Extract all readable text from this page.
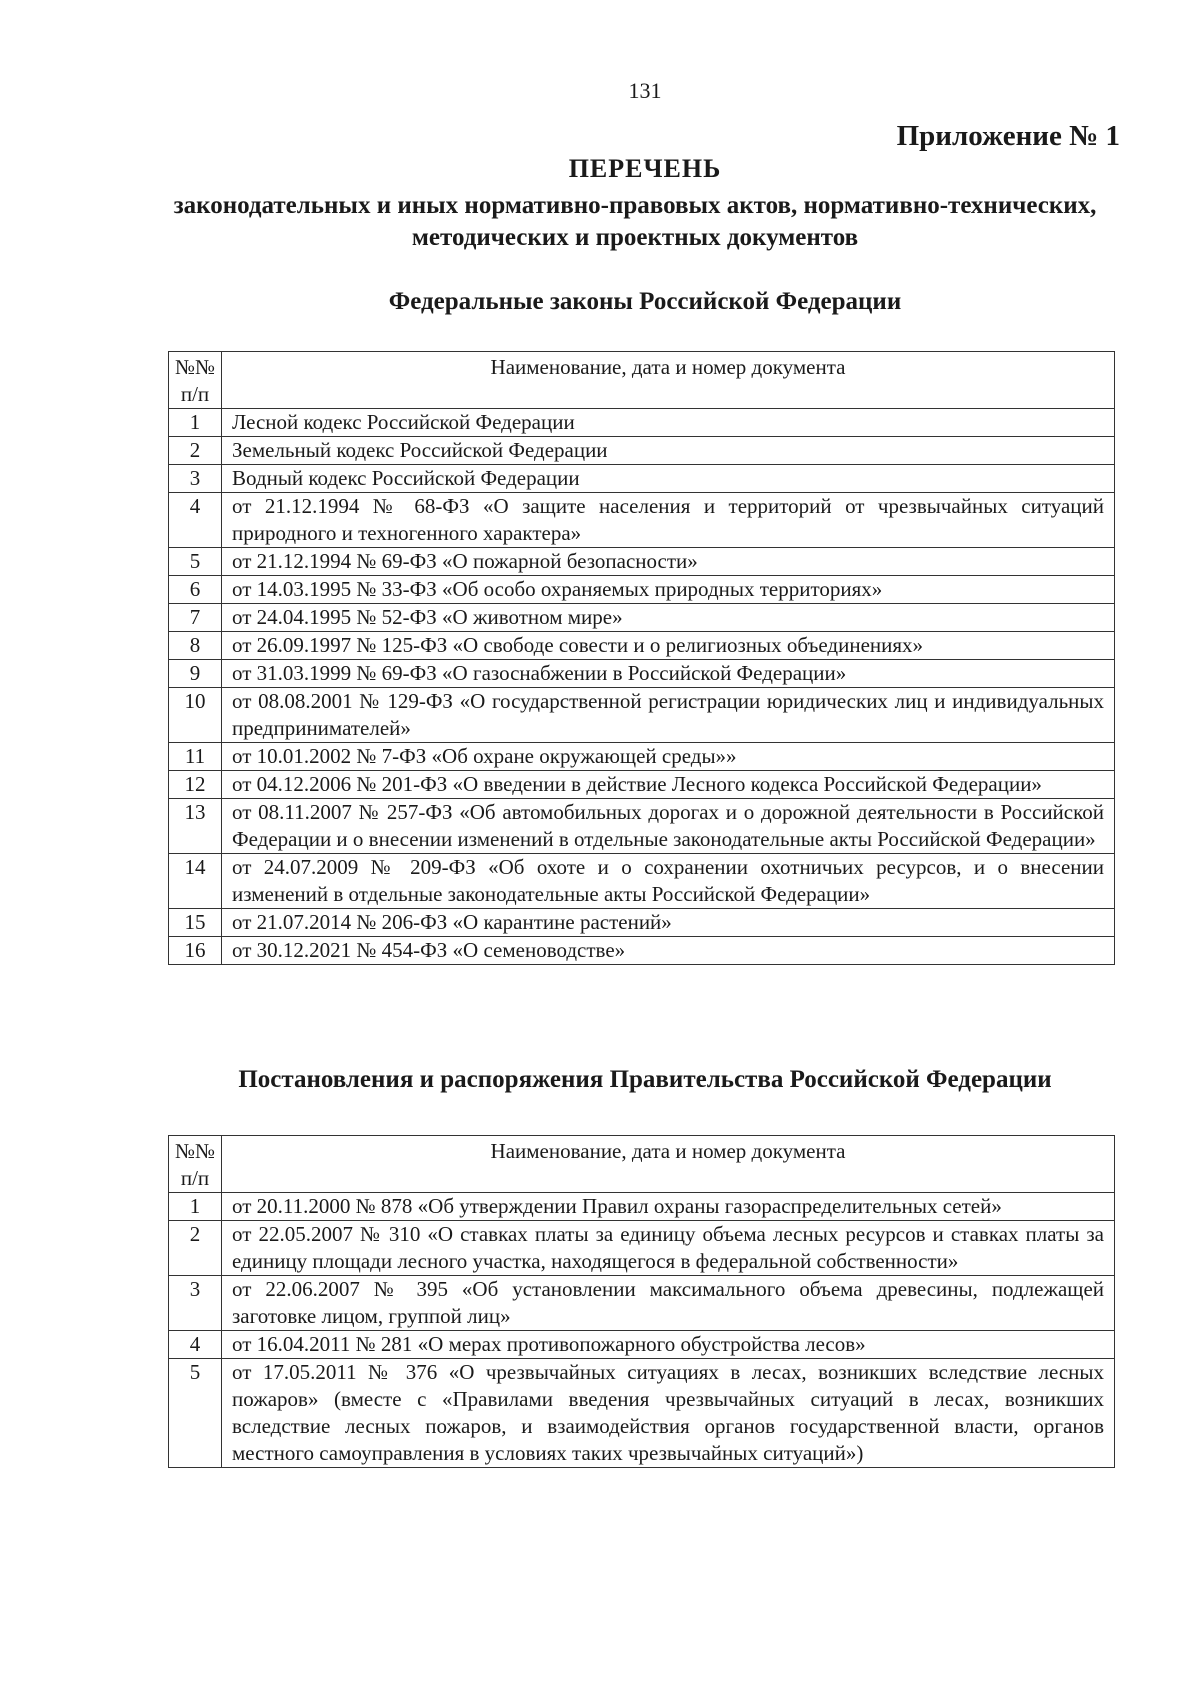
131
Приложение № 1
ПЕРЕЧЕНЬ
законодательных и иных нормативно-правовых актов, нормативно-технических, методических и проектных документов
Федеральные законы Российской Федерации
№№ п/п	Наименование, дата и номер документа
1	Лесной кодекс Российской Федерации
2	Земельный кодекс Российской Федерации
3	Водный кодекс Российской Федерации
4	от 21.12.1994 № 68-ФЗ «О защите населения и территорий от чрезвычайных ситуаций природного и техногенного характера»
5	от 21.12.1994 № 69-ФЗ «О пожарной безопасности»
6	от 14.03.1995 № 33-ФЗ «Об особо охраняемых природных территориях»
7	от 24.04.1995 № 52-ФЗ «О животном мире»
8	от 26.09.1997 № 125-ФЗ «О свободе совести и о религиозных объединениях»
9	от 31.03.1999 № 69-ФЗ «О газоснабжении в Российской Федерации»
10	от 08.08.2001 № 129-ФЗ «О государственной регистрации юридических лиц и индивидуальных предпринимателей»
11	от 10.01.2002 № 7-ФЗ «Об охране окружающей среды»»
12	от 04.12.2006 № 201-ФЗ «О введении в действие Лесного кодекса Российской Федерации»
13	от 08.11.2007 № 257-ФЗ «Об автомобильных дорогах и о дорожной деятельности в Российской Федерации и о внесении изменений в отдельные законодательные акты Российской Федерации»
14	от 24.07.2009 № 209-ФЗ «Об охоте и о сохранении охотничьих ресурсов, и о внесении изменений в отдельные законодательные акты Российской Федерации»
15	от 21.07.2014 № 206-ФЗ «О карантине растений»
16	от 30.12.2021 № 454-ФЗ «О семеноводстве»
Постановления и распоряжения Правительства Российской Федерации
№№ п/п	Наименование, дата и номер документа
1	от 20.11.2000 № 878 «Об утверждении Правил охраны газораспределительных сетей»
2	от 22.05.2007 № 310 «О ставках платы за единицу объема лесных ресурсов и ставках платы за единицу площади лесного участка, находящегося в федеральной собственности»
3	от 22.06.2007 № 395 «Об установлении максимального объема древесины, подлежащей заготовке лицом, группой лиц»
4	от 16.04.2011 № 281 «О мерах противопожарного обустройства лесов»
5	от 17.05.2011 № 376 «О чрезвычайных ситуациях в лесах, возникших вследствие лесных пожаров» (вместе с «Правилами введения чрезвычайных ситуаций в лесах, возникших вследствие лесных пожаров, и взаимодействия органов государственной власти, органов местного самоуправления в условиях таких чрезвычайных ситуаций»)
